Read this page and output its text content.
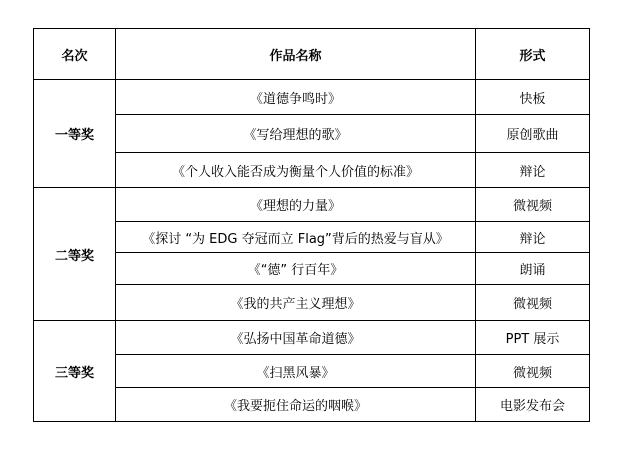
名次	作品名称	形式
一等奖	《道德争鸣时》	快板
	《写给理想的歌》	原创歌曲
	《个人收入能否成为衡量个人价值的标准》	辩论
二等奖	《理想的力量》	微视频
	《探讨 “为 EDG 夺冠而立 Flag”背后的热爱与盲从》	辩论
	《“德” 行百年》	朗诵
	《我的共产主义理想》	微视频
三等奖	《弘扬中国革命道德》	PPT 展示
	《扫黑风暴》	微视频
	《我要扼住命运的咽喉》	电影发布会
